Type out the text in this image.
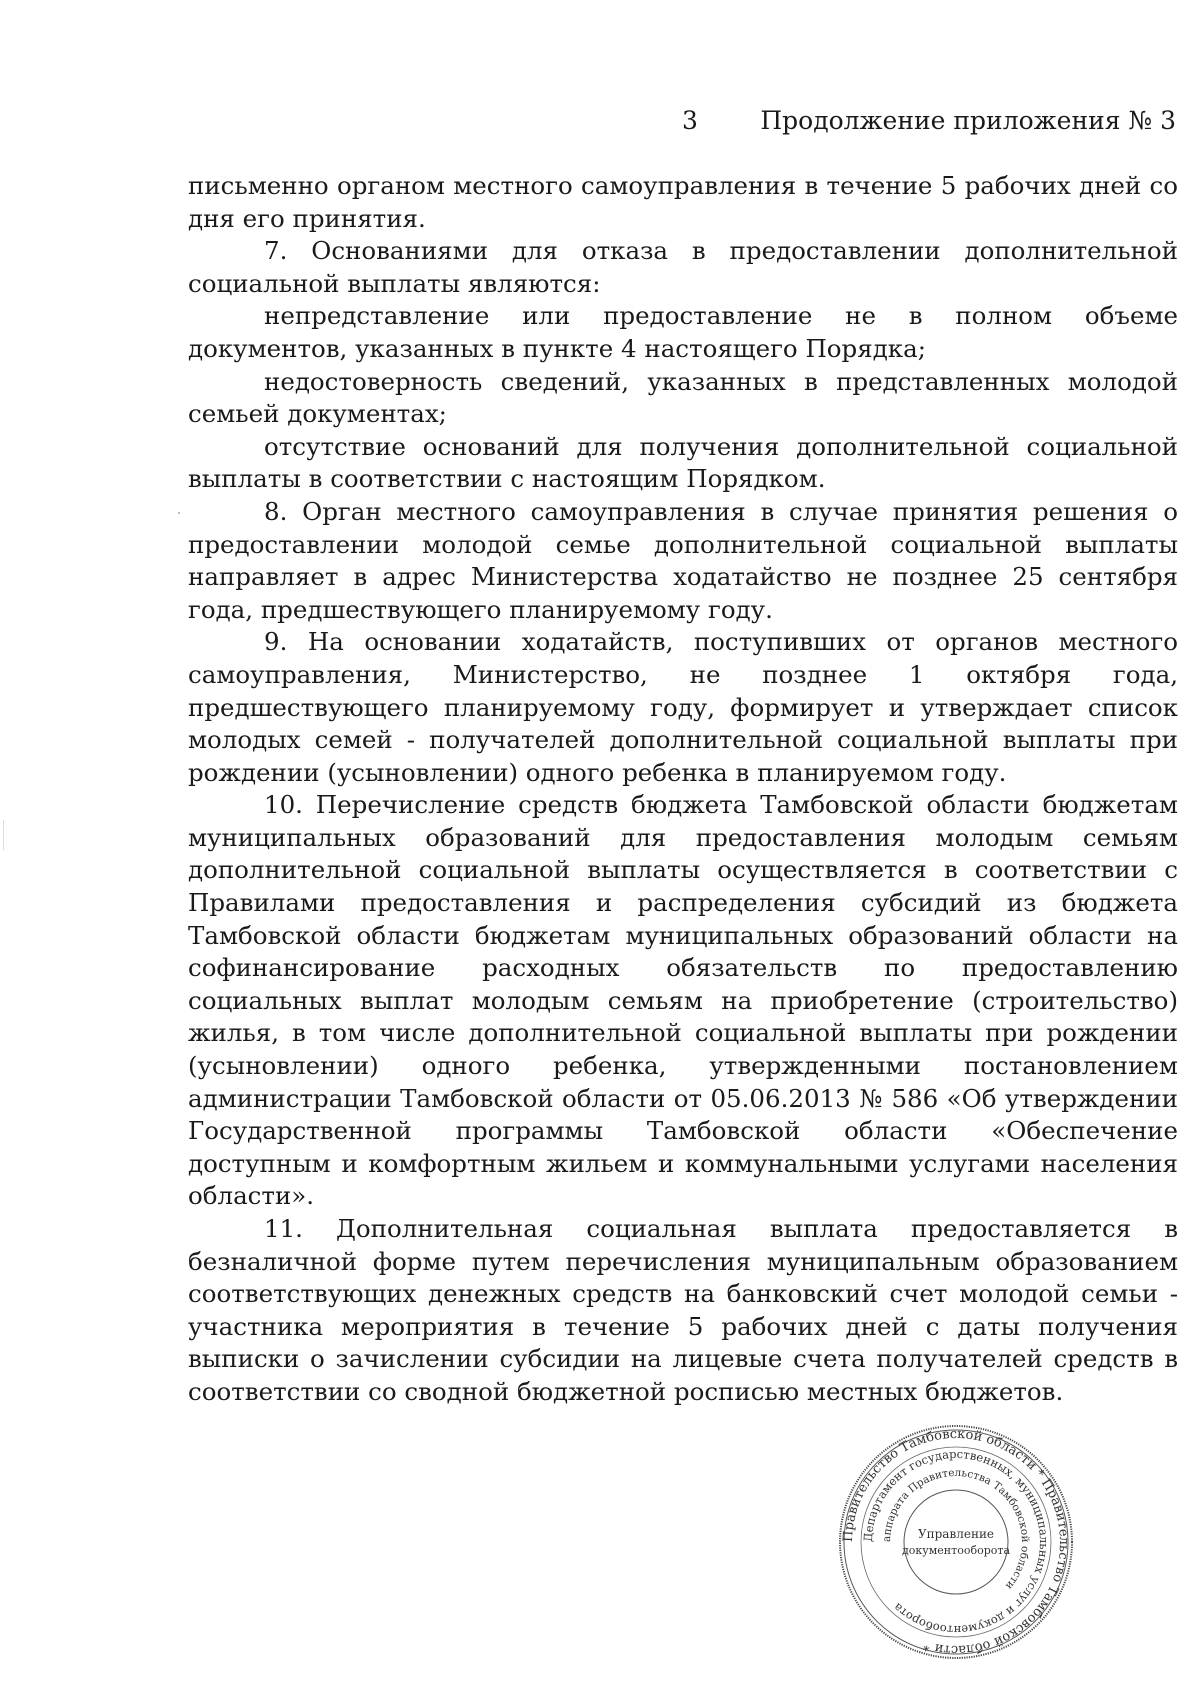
3 Продолжение приложения № 3

письменно органом местного самоуправления в течение 5 рабочих дней со дня его принятия.

7. Основаниями для отказа в предоставлении дополнительной социальной выплаты являются:

непредставление или предоставление не в полном объеме документов, указанных в пункте 4 настоящего Порядка;

недостоверность сведений, указанных в представленных молодой семьей документах;

отсутствие оснований для получения дополнительной социальной выплаты в соответствии с настоящим Порядком.

8. Орган местного самоуправления в случае принятия решения о предоставлении молодой семье дополнительной социальной выплаты направляет в адрес Министерства ходатайство не позднее 25 сентября года, предшествующего планируемому году.

9. На основании ходатайств, поступивших от органов местного самоуправления, Министерство, не позднее 1 октября года, предшествующего планируемому году, формирует и утверждает список молодых семей - получателей дополнительной социальной выплаты при рождении (усыновлении) одного ребенка в планируемом году.

10. Перечисление средств бюджета Тамбовской области бюджетам муниципальных образований для предоставления молодым семьям дополнительной социальной выплаты осуществляется в соответствии с Правилами предоставления и распределения субсидий из бюджета Тамбовской области бюджетам муниципальных образований области на софинансирование расходных обязательств по предоставлению социальных выплат молодым семьям на приобретение (строительство) жилья, в том числе дополнительной социальной выплаты при рождении (усыновлении) одного ребенка, утвержденными постановлением администрации Тамбовской области от 05.06.2013 № 586 «Об утверждении Государственной программы Тамбовской области «Обеспечение доступным и комфортным жильем и коммунальными услугами населения области».

11. Дополнительная социальная выплата предоставляется в безналичной форме путем перечисления муниципальным образованием соответствующих денежных средств на банковский счет молодой семьи - участника мероприятия в течение 5 рабочих дней с даты получения выписки о зачислении субсидии на лицевые счета получателей средств в соответствии со сводной бюджетной росписью местных бюджетов.

Правительство Тамбовской области * Правительство Тамбовской области *
Департамент государственных, муниципальных услуг и документооборота
аппарата Правительства Тамбовской области
Управление
документооборота
